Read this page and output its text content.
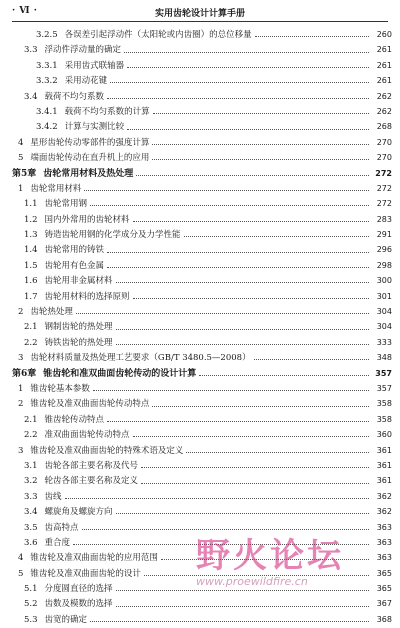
· Ⅵ ·	实用齿轮设计计算手册
3.2.5 各误差引起浮动件（太阳轮或内齿圈）的总位移量	260
3.3 浮动件浮动量的确定	261
3.3.1 采用齿式联轴器	261
3.3.2 采用动花键	261
3.4 载荷不均匀系数	262
3.4.1 载荷不均匀系数的计算	262
3.4.2 计算与实测比较	268
4 星形齿轮传动零部件的强度计算	270
5 端面齿轮传动在直升机上的应用	270
第5章 齿轮常用材料及热处理	272
1 齿轮常用材料	272
1.1 齿轮常用钢	272
1.2 国内外常用的齿轮材料	283
1.3 铸造齿轮用钢的化学成分及力学性能	291
1.4 齿轮常用的铸铁	296
1.5 齿轮用有色金属	298
1.6 齿轮用非金属材料	300
1.7 齿轮用材料的选择原则	301
2 齿轮热处理	304
2.1 钢制齿轮的热处理	304
2.2 铸铁齿轮的热处理	333
3 齿轮材料质量及热处理工艺要求（GB/T 3480.5—2008）	348
第6章 锥齿轮和准双曲面齿轮传动的设计计算	357
1 锥齿轮基本参数	357
2 锥齿轮及准双曲面齿轮传动特点	358
2.1 锥齿轮传动特点	358
2.2 准双曲面齿轮传动特点	360
3 锥齿轮及准双曲面齿轮的特殊术语及定义	361
3.1 齿轮各部主要名称及代号	361
3.2 轮齿各部主要名称及定义	361
3.3 齿线	362
3.4 螺旋角及螺旋方向	362
3.5 齿高特点	363
3.6 重合度	363
4 锥齿轮及准双曲面齿轮的应用范围	363
5 锥齿轮及准双曲面齿轮的设计	365
5.1 分度圆直径的选择	365
5.2 齿数及模数的选择	367
5.3 齿宽的确定	368
野火论坛
www.proewildfire.cn
